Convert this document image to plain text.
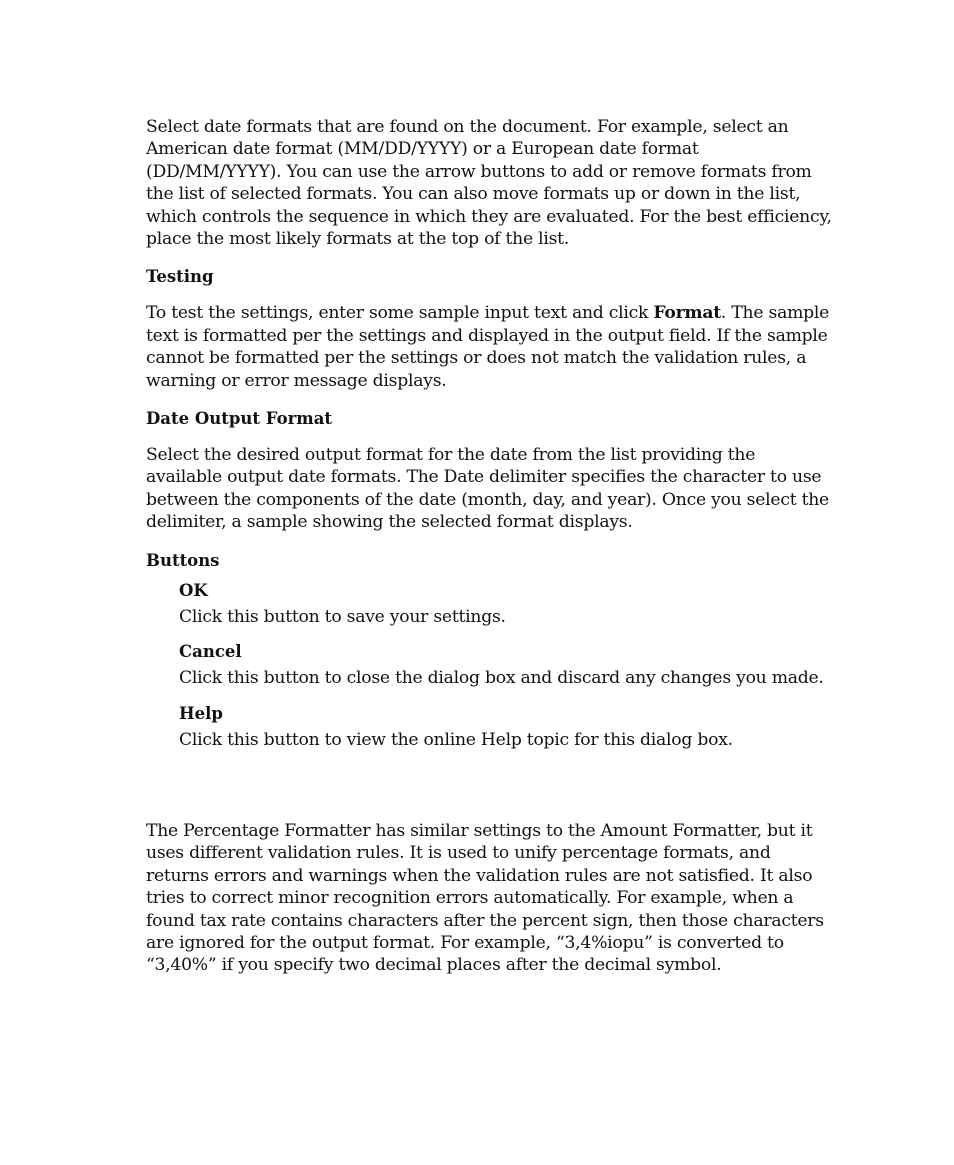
Select date formats that are found on the document. For example, select an American date format (MM/DD/YYYY) or a European date format (DD/MM/YYYY). You can use the arrow buttons to add or remove formats from the list of selected formats. You can also move formats up or down in the list, which controls the sequence in which they are evaluated. For the best efficiency, place the most likely formats at the top of the list.

Testing

To test the settings, enter some sample input text and click Format. The sample text is formatted per the settings and displayed in the output field. If the sample cannot be formatted per the settings or does not match the validation rules, a warning or error message displays.

Date Output Format

Select the desired output format for the date from the list providing the available output date formats. The Date delimiter specifies the character to use between the components of the date (month, day, and year). Once you select the delimiter, a sample showing the selected format displays.

Buttons
OK

Click this button to save your settings.

Cancel

Click this button to close the dialog box and discard any changes you made.

Help

Click this button to view the online Help topic for this dialog box.

The Percentage Formatter has similar settings to the Amount Formatter, but it uses different validation rules. It is used to unify percentage formats, and returns errors and warnings when the validation rules are not satisfied. It also tries to correct minor recognition errors automatically. For example, when a found tax rate contains characters after the percent sign, then those characters are ignored for the output format. For example, “3,4%iopu” is converted to “3,40%” if you specify two decimal places after the decimal symbol.
